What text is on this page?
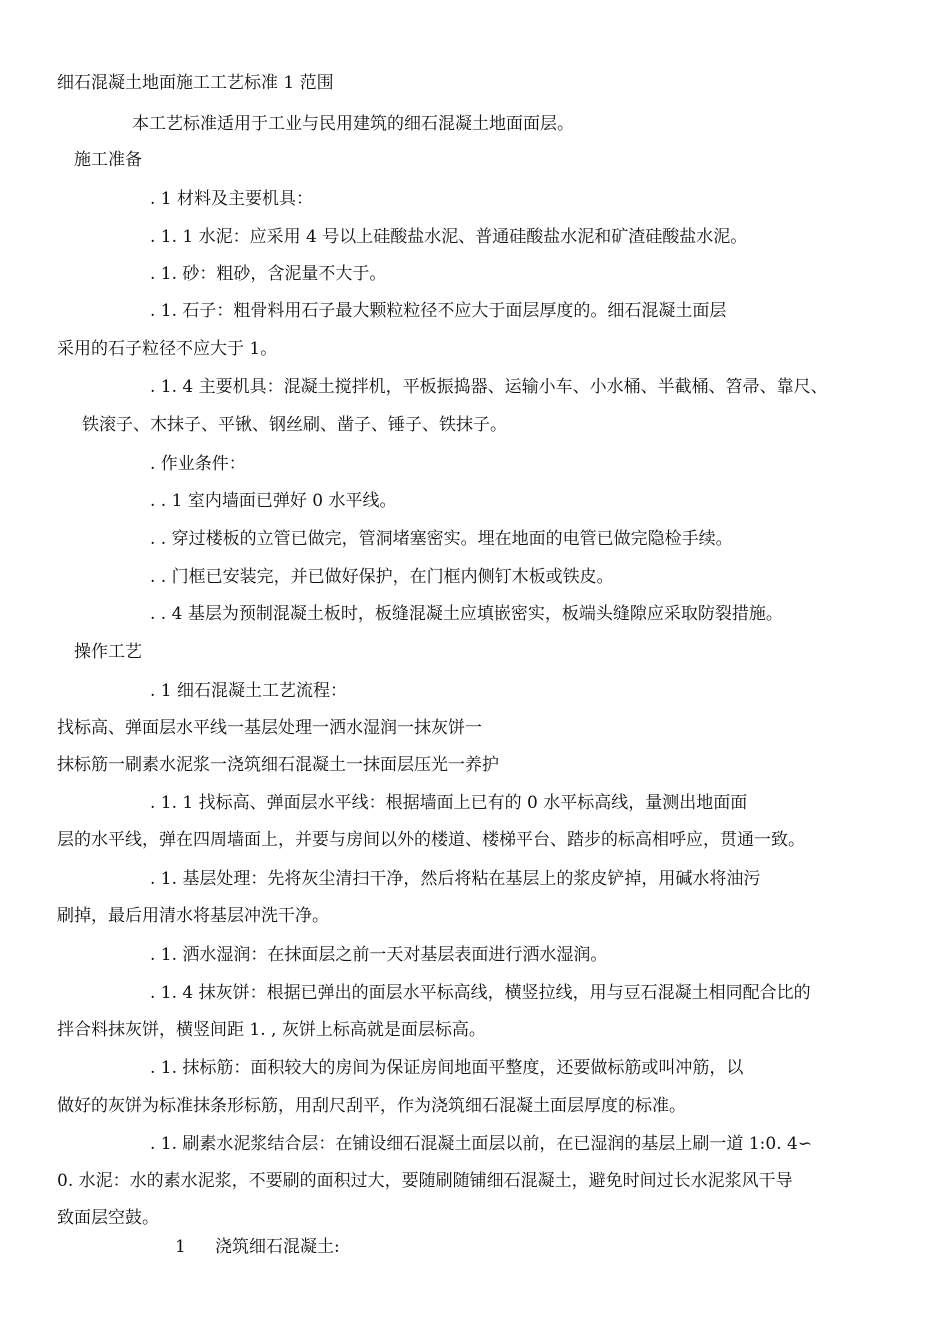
细石混凝土地面施工工艺标准 1 范围
本工艺标准适用于工业与民用建筑的细石混凝土地面面层。
施工准备
. 1 材料及主要机具：
. 1. 1 水泥：应采用 4 号以上硅酸盐水泥、普通硅酸盐水泥和矿渣硅酸盐水泥。
. 1. 砂：粗砂，含泥量不大于。
. 1. 石子：粗骨料用石子最大颗粒粒径不应大于面层厚度的。细石混凝土面层
采用的石子粒径不应大于 1。
. 1. 4 主要机具：混凝土搅拌机，平板振捣器、运输小车、小水桶、半截桶、笤帚、靠尺、
铁滚子、木抹子、平锹、钢丝刷、凿子、锤子、铁抹子。
. 作业条件：
. . 1 室内墙面已弹好 0 水平线。
. . 穿过楼板的立管已做完，管洞堵塞密实。埋在地面的电管已做完隐检手续。
. . 门框已安装完，并已做好保护，在门框内侧钉木板或铁皮。
. . 4 基层为预制混凝土板时，板缝混凝土应填嵌密实，板端头缝隙应采取防裂措施。
操作工艺
. 1 细石混凝土工艺流程：
找标高、弹面层水平线一基层处理一洒水湿润一抹灰饼一
抹标筋一刷素水泥浆一浇筑细石混凝土一抹面层压光一养护
. 1. 1 找标高、弹面层水平线：根据墙面上已有的 0 水平标高线，量测出地面面
层的水平线，弹在四周墙面上，并要与房间以外的楼道、楼梯平台、踏步的标高相呼应，贯通一致。
. 1. 基层处理：先将灰尘清扫干净，然后将粘在基层上的浆皮铲掉，用碱水将油污
刷掉，最后用清水将基层冲洗干净。
. 1. 洒水湿润：在抹面层之前一天对基层表面进行洒水湿润。
. 1. 4 抹灰饼：根据已弹出的面层水平标高线，横竖拉线，用与豆石混凝土相同配合比的
拌合料抹灰饼，横竖间距 1. , 灰饼上标高就是面层标高。
. 1. 抹标筋：面积较大的房间为保证房间地面平整度，还要做标筋或叫冲筋，以
做好的灰饼为标准抹条形标筋，用刮尺刮平，作为浇筑细石混凝土面层厚度的标准。
. 1. 刷素水泥浆结合层：在铺设细石混凝土面层以前，在已湿润的基层上刷一道 1:0. 4∽
0. 水泥：水的素水泥浆，不要刷的面积过大，要随刷随铺细石混凝土，避免时间过长水泥浆风干导
致面层空鼓。
1 浇筑细石混凝土:
